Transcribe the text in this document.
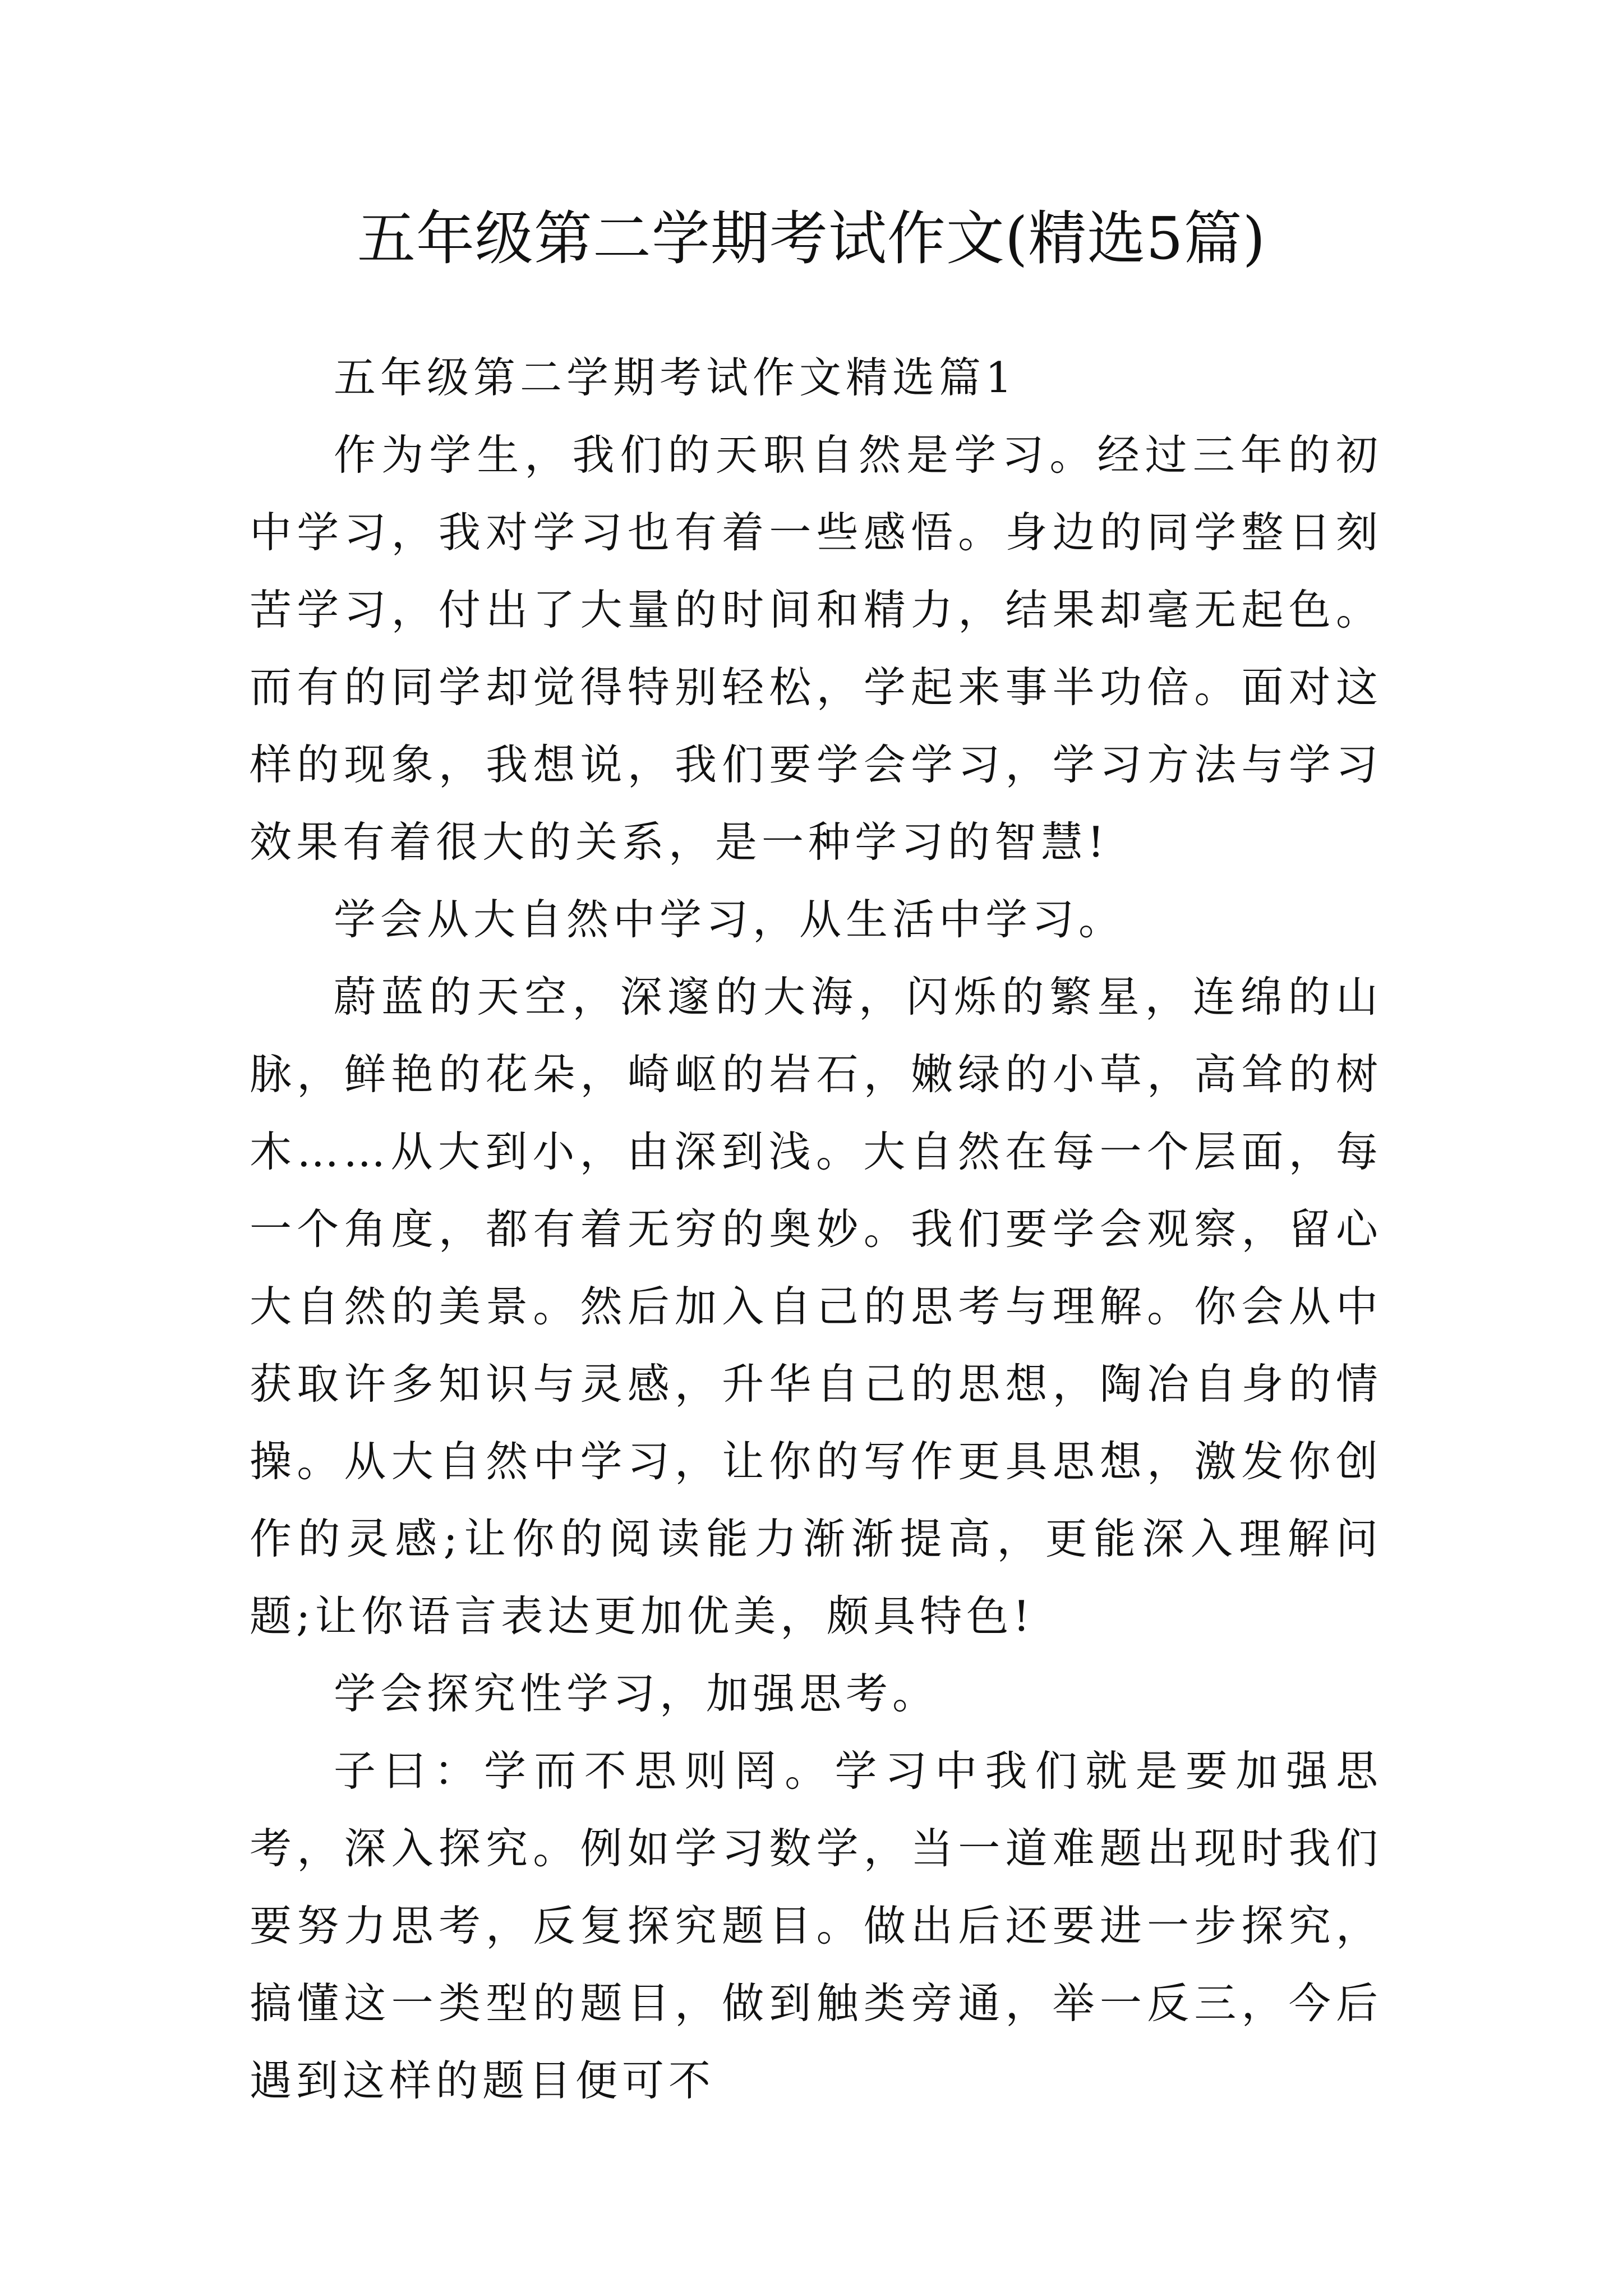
五年级第二学期考试作文(精选5篇)

五年级第二学期考试作文精选篇1

作为学生，我们的天职自然是学习。经过三年的初中学习，我对学习也有着一些感悟。身边的同学整日刻苦学习，付出了大量的时间和精力，结果却毫无起色。而有的同学却觉得特别轻松，学起来事半功倍。面对这样的现象，我想说，我们要学会学习，学习方法与学习效果有着很大的关系，是一种学习的智慧!

学会从大自然中学习，从生活中学习。

蔚蓝的天空，深邃的大海，闪烁的繁星，连绵的山脉，鲜艳的花朵，崎岖的岩石，嫩绿的小草，高耸的树木……从大到小，由深到浅。大自然在每一个层面，每一个角度，都有着无穷的奥妙。我们要学会观察，留心大自然的美景。然后加入自己的思考与理解。你会从中获取许多知识与灵感，升华自己的思想，陶冶自身的情操。从大自然中学习，让你的写作更具思想，激发你创作的灵感;让你的阅读能力渐渐提高，更能深入理解问题;让你语言表达更加优美，颇具特色!

学会探究性学习，加强思考。

子曰：学而不思则罔。学习中我们就是要加强思考，深入探究。例如学习数学，当一道难题出现时我们要努力思考，反复探究题目。做出后还要进一步探究，搞懂这一类型的题目，做到触类旁通，举一反三，今后遇到这样的题目便可不
